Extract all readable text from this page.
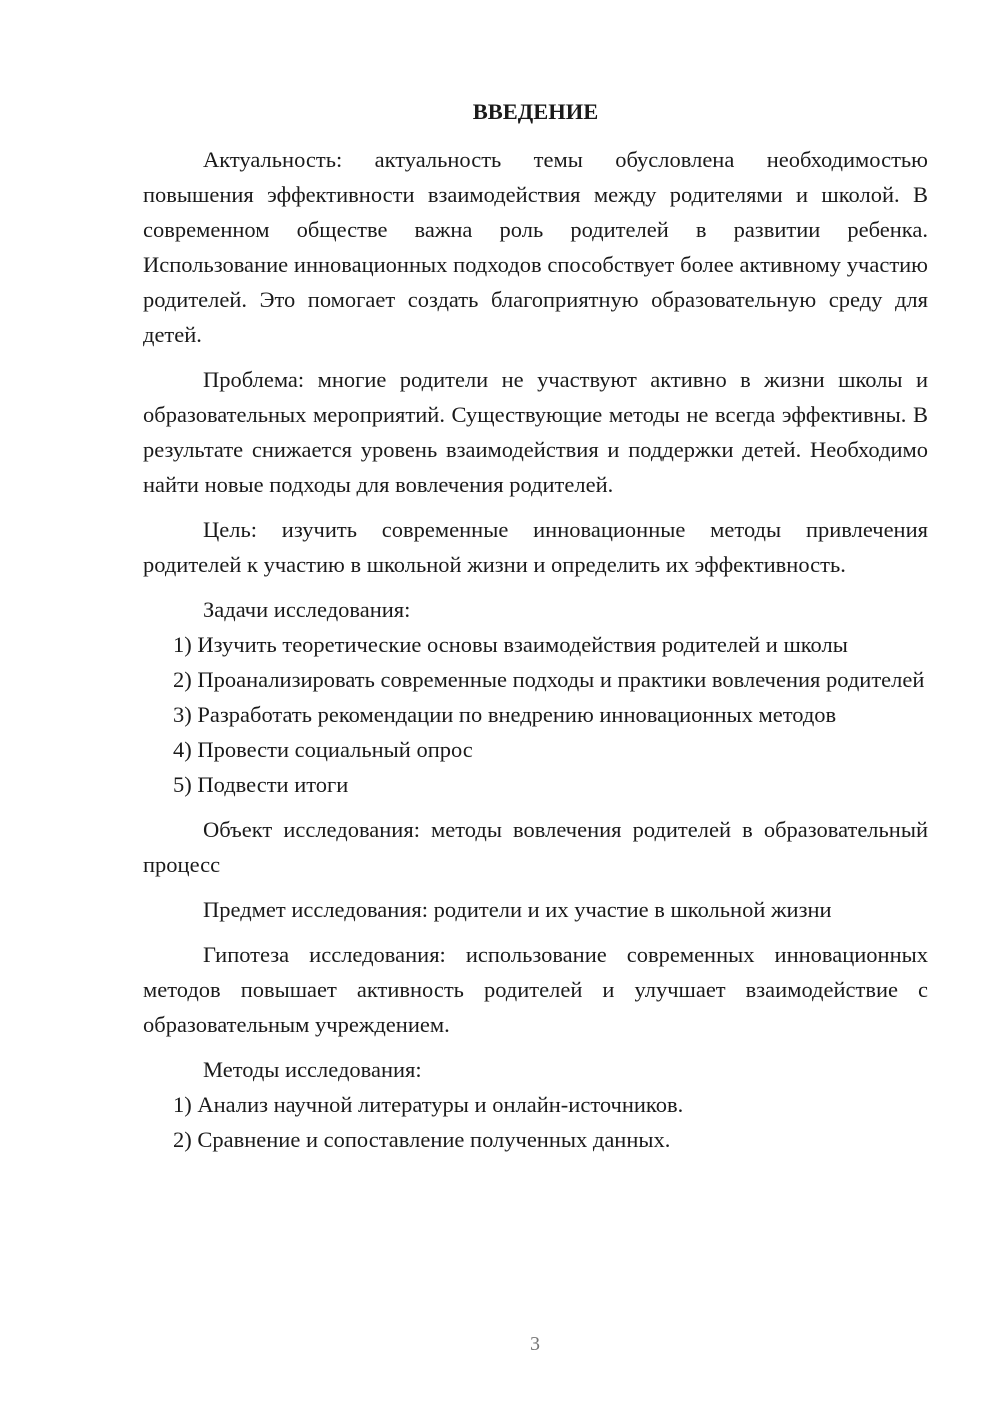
ВВЕДЕНИЕ

Актуальность: актуальность темы обусловлена необходимостью повышения эффективности взаимодействия между родителями и школой. В современном обществе важна роль родителей в развитии ребенка. Использование инновационных подходов способствует более активному участию родителей. Это помогает создать благоприятную образовательную среду для детей.

Проблема: многие родители не участвуют активно в жизни школы и образовательных мероприятий. Существующие методы не всегда эффективны. В результате снижается уровень взаимодействия и поддержки детей. Необходимо найти новые подходы для вовлечения родителей.

Цель: изучить современные инновационные методы привлечения родителей к участию в школьной жизни и определить их эффективность.

Задачи исследования:

1) Изучить теоретические основы взаимодействия родителей и школы

2) Проанализировать современные подходы и практики вовлечения родителей

3) Разработать рекомендации по внедрению инновационных методов

4) Провести социальный опрос

5) Подвести итоги

Объект исследования: методы вовлечения родителей в образовательный процесс

Предмет исследования: родители и их участие в школьной жизни

Гипотеза исследования: использование современных инновационных методов повышает активность родителей и улучшает взаимодействие с образовательным учреждением.

Методы исследования:

1) Анализ научной литературы и онлайн-источников.

2) Сравнение и сопоставление полученных данных.

3
